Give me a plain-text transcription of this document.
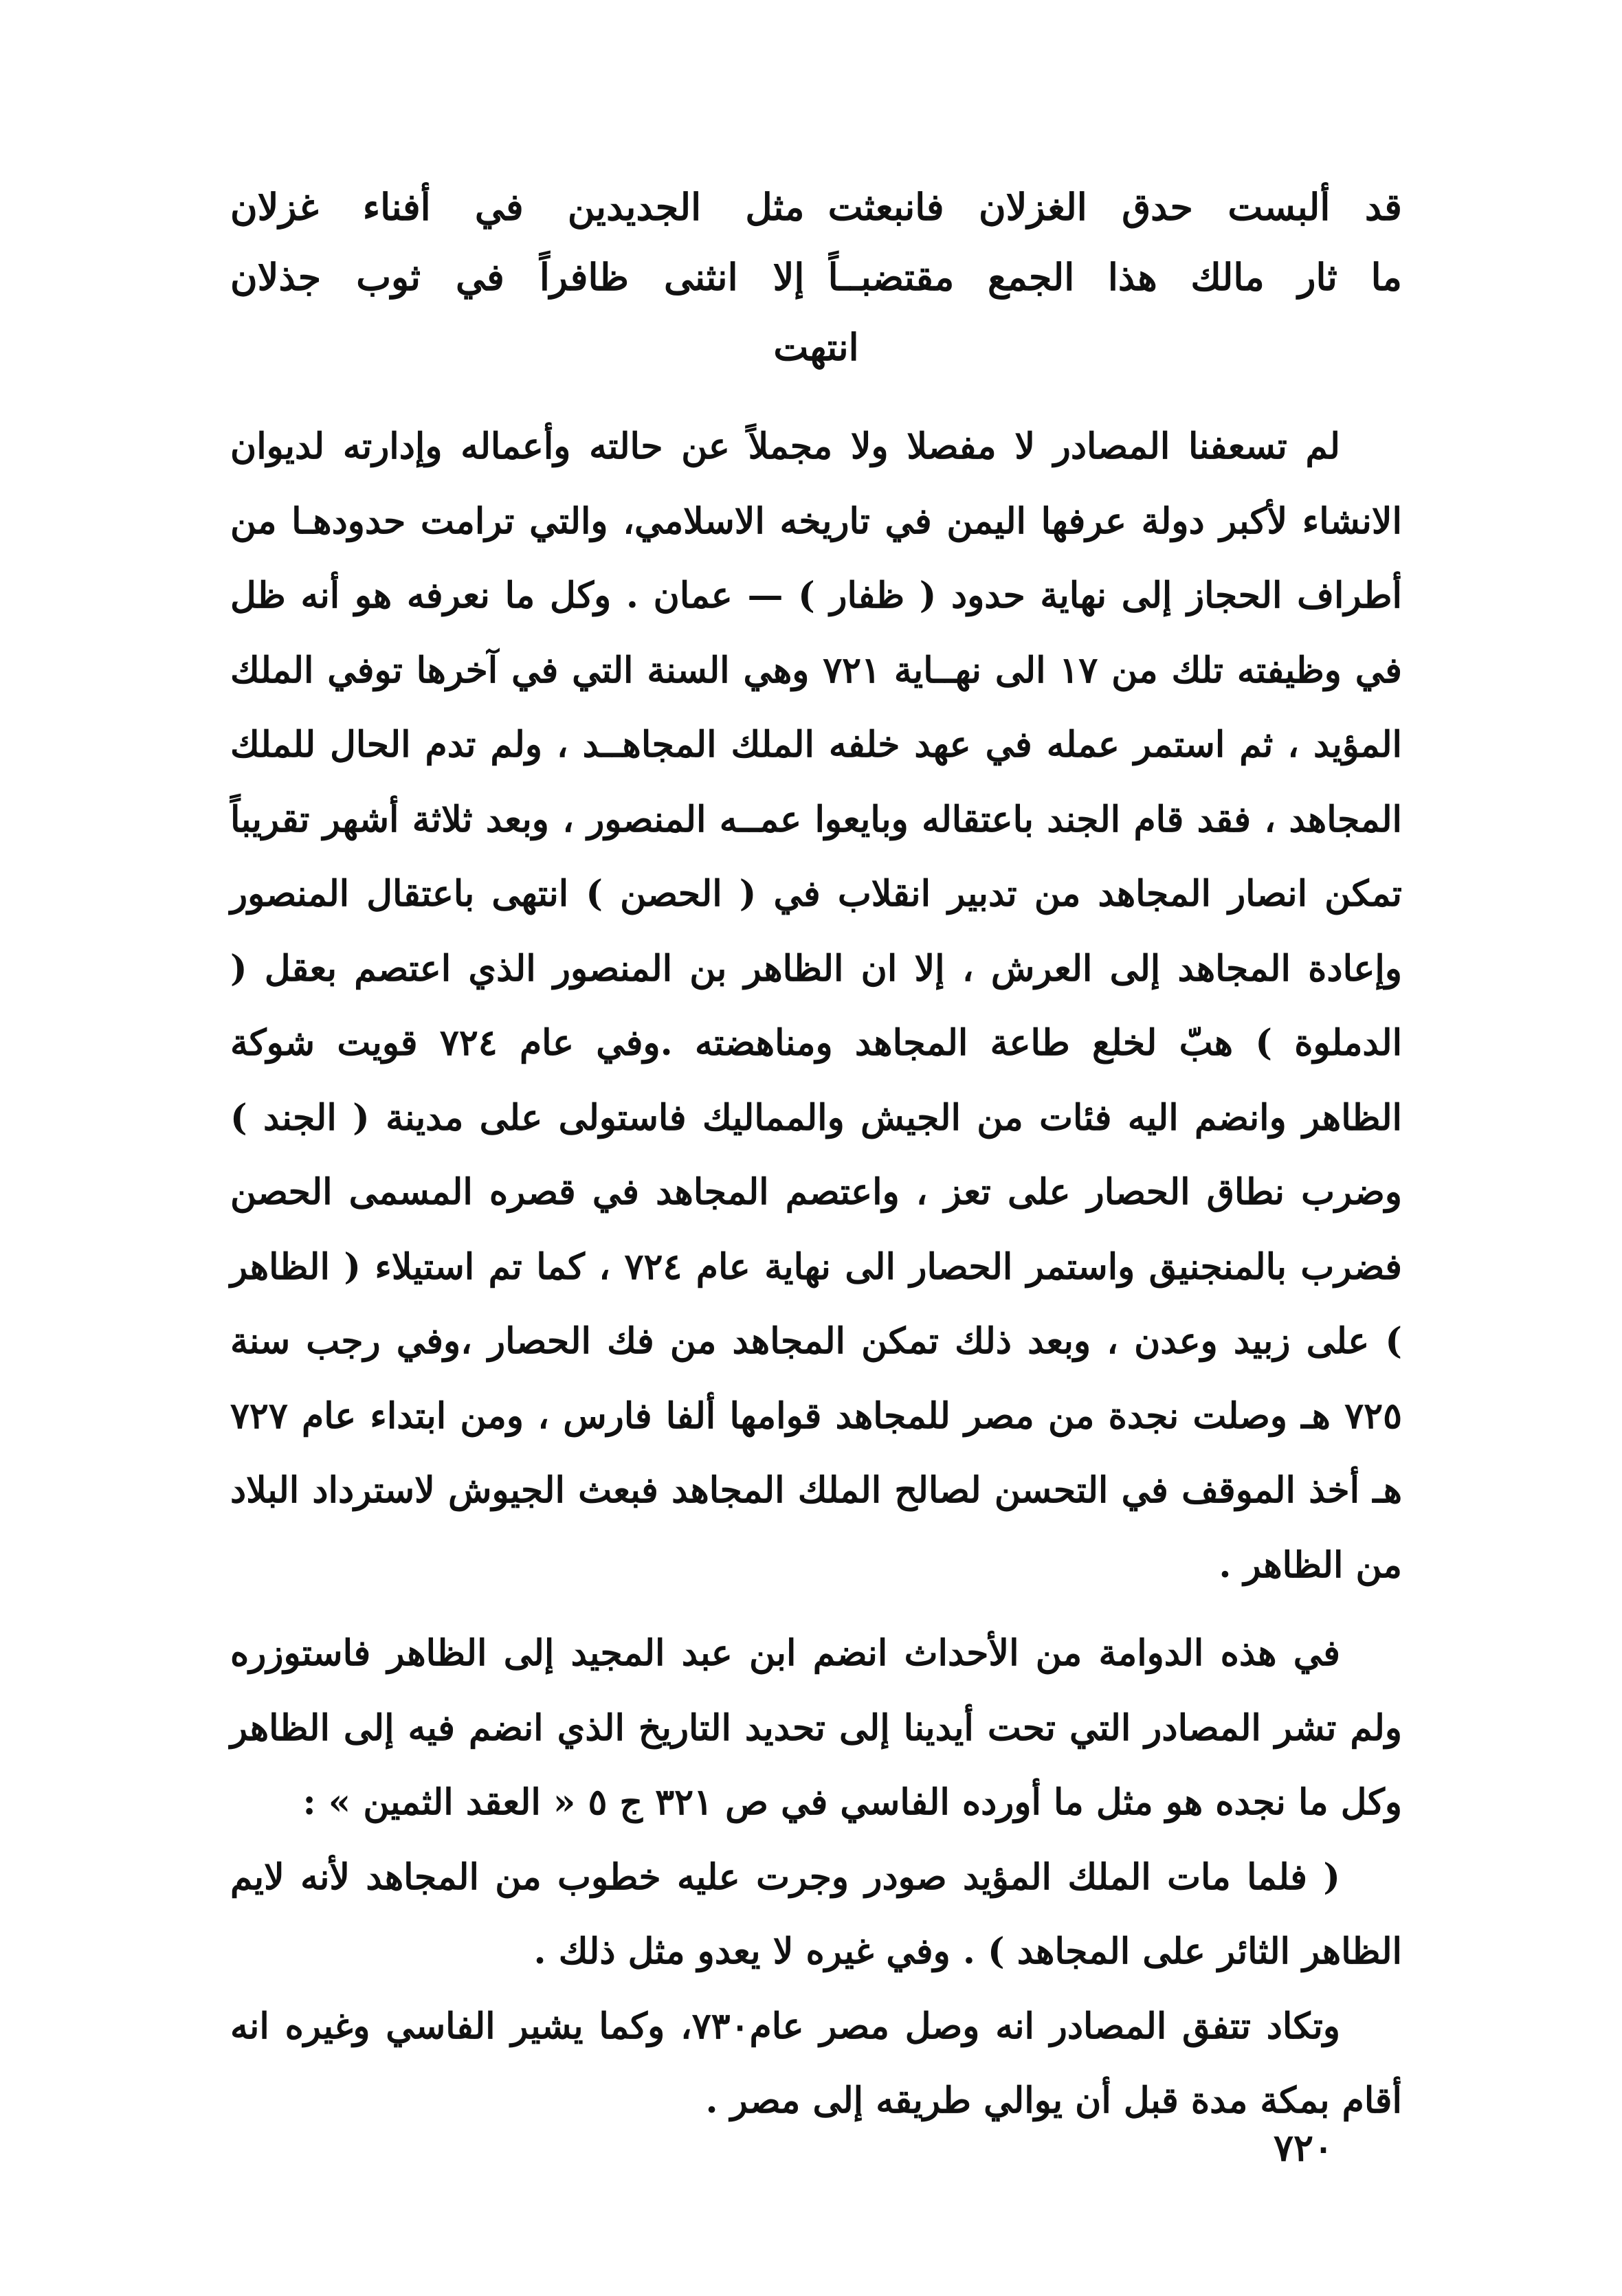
قد ألبست حدق الغزلان فانبعثت
مثل الجديدين في أفناء غزلان
ما ثار مالك هذا الجمع مقتضبــاً
إلا انثنى ظافراً في ثوب جذلان
انتهت

لم تسعفنا المصادر لا مفصلا ولا مجملاً عن حالته وأعماله وإدارته لديوان الانشاء لأكبر دولة عرفها اليمن في تاريخه الاسلامي، والتي ترامت حدودهـا من أطراف الحجاز إلى نهاية حدود ( ظفار ) — عمان . وكل ما نعرفه هو أنه ظل في وظيفته تلك من ١٧ الى نهــاية ٧٢١ وهي السنة التي في آخرها توفي الملك المؤيد ، ثم استمر عمله في عهد خلفه الملك المجاهــد ، ولم تدم الحال للملك المجاهد ، فقد قام الجند باعتقاله وبايعوا عمــه المنصور ، وبعد ثلاثة أشهر تقريباً تمكن انصار المجاهد من تدبير انقلاب في ( الحصن ) انتهى باعتقال المنصور وإعادة المجاهد إلى العرش ، إلا ان الظاهر بن المنصور الذي اعتصم بعقل ( الدملوة ) هبّ لخلع طاعة المجاهد ومناهضته .وفي عام ٧٢٤ قويت شوكة الظاهر وانضم اليه فئات من الجيش والمماليك فاستولى على مدينة ( الجند ) وضرب نطاق الحصار على تعز ، واعتصم المجاهد في قصره المسمى الحصن فضرب بالمنجنيق واستمر الحصار الى نهاية عام ٧٢٤ ، كما تم استيلاء ( الظاهر ) على زبيد وعدن ، وبعد ذلك تمكن المجاهد من فك الحصار ،وفي رجب سنة ٧٢٥ هـ وصلت نجدة من مصر للمجاهد قوامها ألفا فارس ، ومن ابتداء عام ٧٢٧ هـ أخذ الموقف في التحسن لصالح الملك المجاهد فبعث الجيوش لاسترداد البلاد من الظاهر .

في هذه الدوامة من الأحداث انضم ابن عبد المجيد إلى الظاهر فاستوزره ولم تشر المصادر التي تحت أيدينا إلى تحديد التاريخ الذي انضم فيه إلى الظاهر وكل ما نجده هو مثل ما أورده الفاسي في ص ٣٢١ ج ٥ « العقد الثمين » :

( فلما مات الملك المؤيد صودر وجرت عليه خطوب من المجاهد لأنه لايم الظاهر الثائر على المجاهد ) . وفي غيره لا يعدو مثل ذلك .

وتكاد تتفق المصادر انه وصل مصر عام٧٣٠، وكما يشير الفاسي وغيره انه أقام بمكة مدة قبل أن يوالي طريقه إلى مصر .

٧٢٠
